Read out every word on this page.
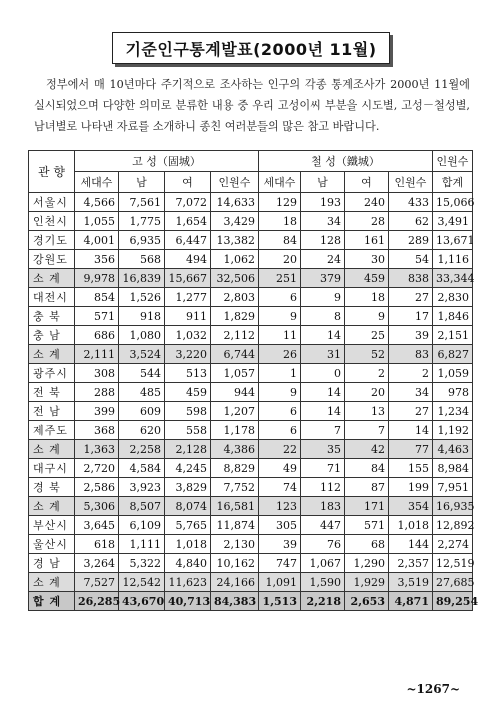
기준인구통계발표(2000년 11월)

정부에서 매 10년마다 주기적으로 조사하는 인구의 각종 통계조사가 2000년 11월에 실시되었으며 다양한 의미로 분류한 내용 중 우리 고성이씨 부분을 시도별, 고성－철성별, 남녀별로 나타낸 자료를 소개하니 종친 여러분들의 많은 참고 바랍니다.

관 향	고 성（固城）				철 성（鐵城）				인원수
	세대수	남	여	인원수	세대수	남	여	인원수	합계
서울시	4,566	7,561	7,072	14,633	129	193	240	433	15,066
인천시	1,055	1,775	1,654	3,429	18	34	28	62	3,491
경기도	4,001	6,935	6,447	13,382	84	128	161	289	13,671
강원도	356	568	494	1,062	20	24	30	54	1,116
소 계	9,978	16,839	15,667	32,506	251	379	459	838	33,344
대전시	854	1,526	1,277	2,803	6	9	18	27	2,830
충 북	571	918	911	1,829	9	8	9	17	1,846
충 남	686	1,080	1,032	2,112	11	14	25	39	2,151
소 계	2,111	3,524	3,220	6,744	26	31	52	83	6,827
광주시	308	544	513	1,057	1	0	2	2	1,059
전 북	288	485	459	944	9	14	20	34	978
전 남	399	609	598	1,207	6	14	13	27	1,234
제주도	368	620	558	1,178	6	7	7	14	1,192
소 계	1,363	2,258	2,128	4,386	22	35	42	77	4,463
대구시	2,720	4,584	4,245	8,829	49	71	84	155	8,984
경 북	2,586	3,923	3,829	7,752	74	112	87	199	7,951
소 계	5,306	8,507	8,074	16,581	123	183	171	354	16,935
부산시	3,645	6,109	5,765	11,874	305	447	571	1,018	12,892
울산시	618	1,111	1,018	2,130	39	76	68	144	2,274
경 남	3,264	5,322	4,840	10,162	747	1,067	1,290	2,357	12,519
소 계	7,527	12,542	11,623	24,166	1,091	1,590	1,929	3,519	27,685
합 계	26,285	43,670	40,713	84,383	1,513	2,218	2,653	4,871	89,254
~1267~
